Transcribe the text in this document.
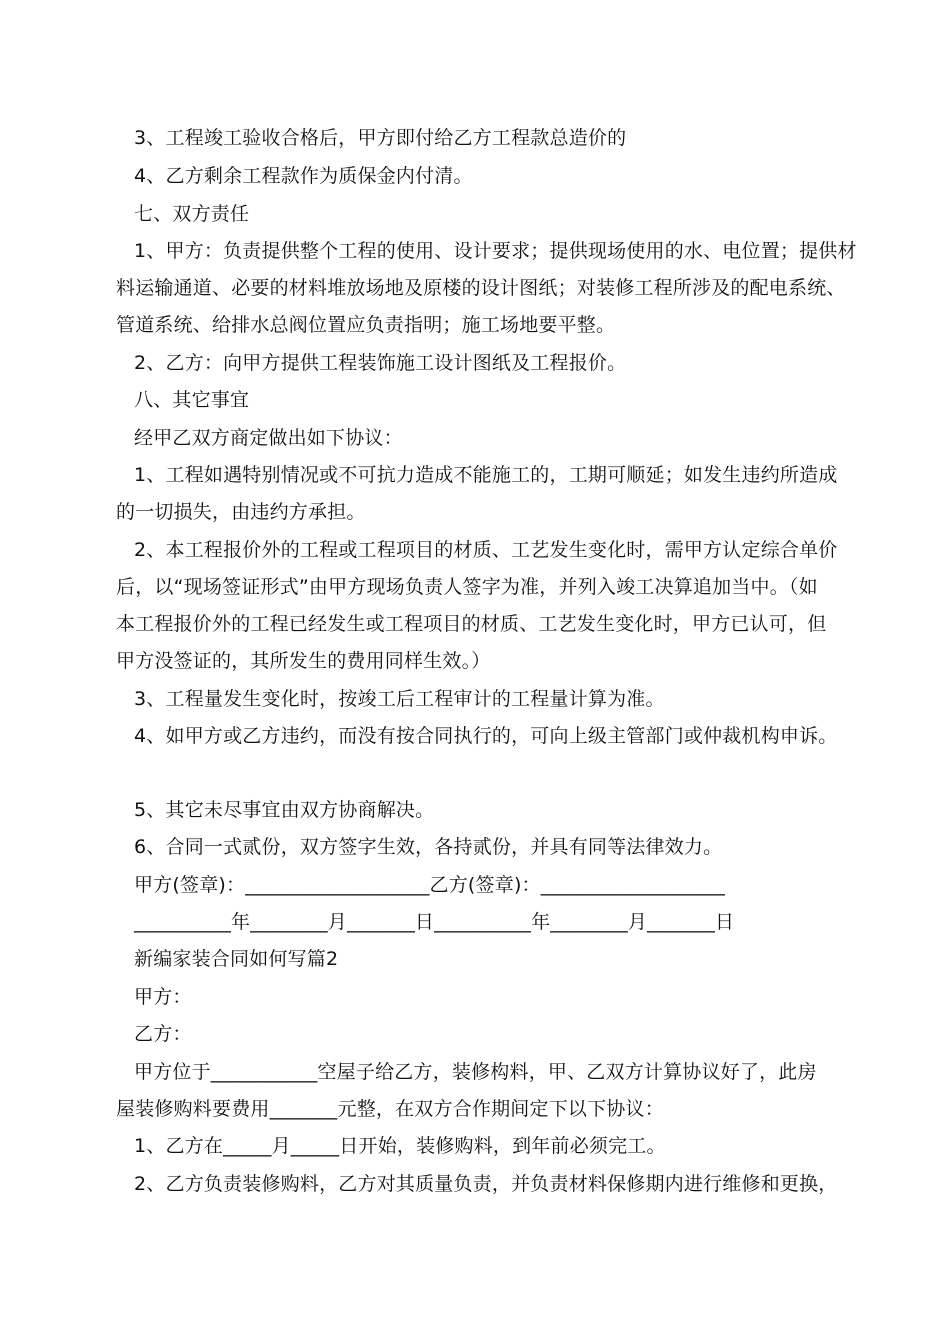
3、工程竣工验收合格后，甲方即付给乙方工程款总造价的
4、乙方剩余工程款作为质保金内付清。
七、双方责任
1、甲方：负责提供整个工程的使用、设计要求；提供现场使用的水、电位置；提供材
料运输通道、必要的材料堆放场地及原楼的设计图纸；对装修工程所涉及的配电系统、
管道系统、给排水总阀位置应负责指明；施工场地要平整。
2、乙方：向甲方提供工程装饰施工设计图纸及工程报价。
八、其它事宜
经甲乙双方商定做出如下协议：
1、工程如遇特别情况或不可抗力造成不能施工的，工期可顺延；如发生违约所造成
的一切损失，由违约方承担。
2、本工程报价外的工程或工程项目的材质、工艺发生变化时，需甲方认定综合单价
后，以“现场签证形式”由甲方现场负责人签字为准，并列入竣工决算追加当中。（如
本工程报价外的工程已经发生或工程项目的材质、工艺发生变化时，甲方已认可，但
甲方没签证的，其所发生的费用同样生效。）
3、工程量发生变化时，按竣工后工程审计的工程量计算为准。
4、如甲方或乙方违约，而没有按合同执行的，可向上级主管部门或仲裁机构申诉。
5、其它未尽事宜由双方协商解决。
6、合同一式贰份，双方签字生效，各持贰份，并具有同等法律效力。
甲方(签章)：___________________乙方(签章)：___________________
__________年________月_______日__________年________月_______日
新编家装合同如何写篇2
甲方：
乙方：
甲方位于___________空屋子给乙方，装修构料，甲、乙双方计算协议好了，此房
屋装修购料要费用_______元整，在双方合作期间定下以下协议：
1、乙方在_____月_____日开始，装修购料，到年前必须完工。
2、乙方负责装修购料，乙方对其质量负责，并负责材料保修期内进行维修和更换，
